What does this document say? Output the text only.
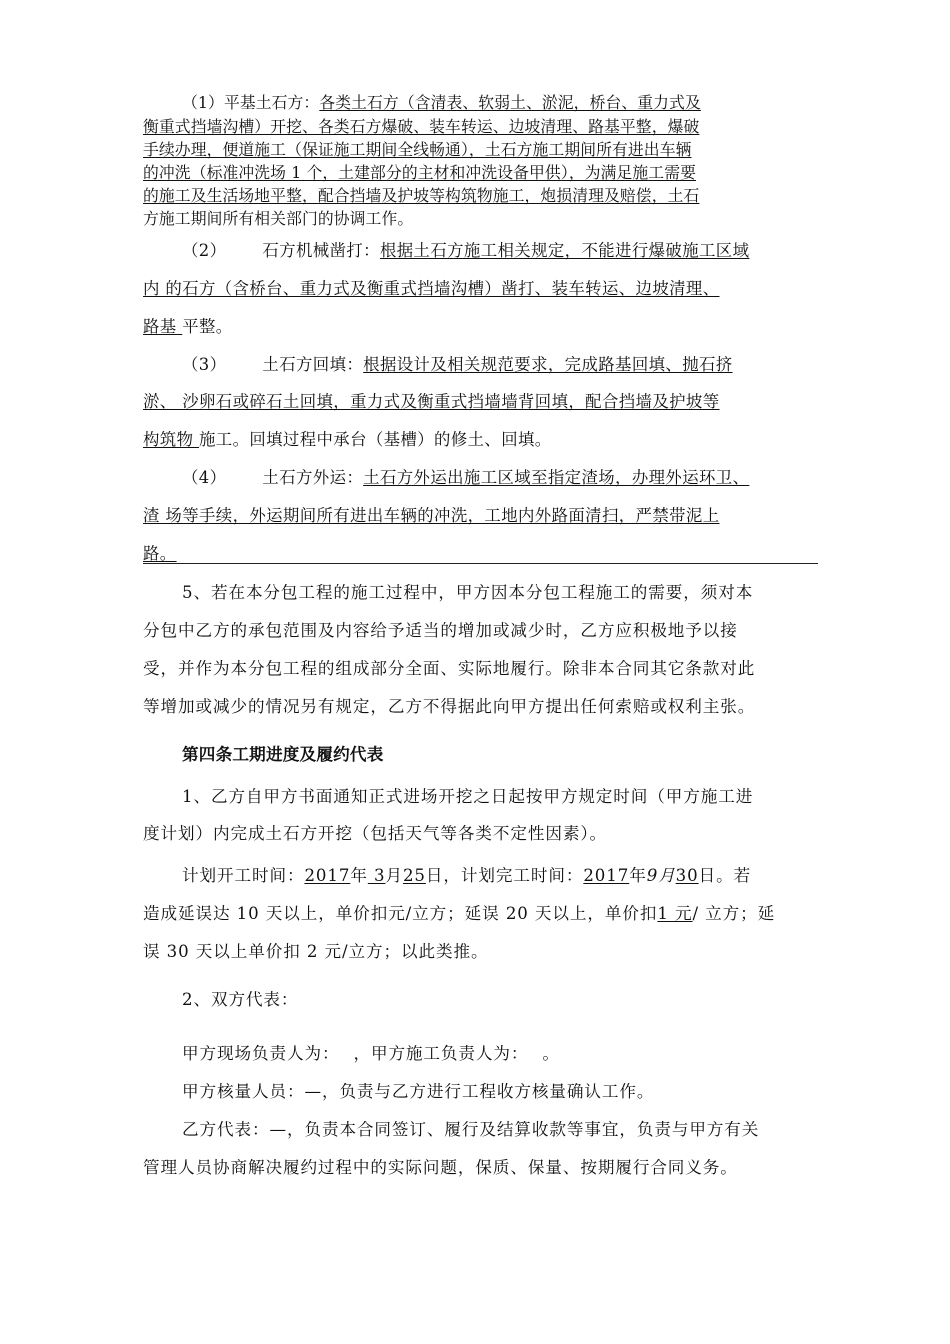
（1）平基土石方：各类土石方（含清表、软弱土、淤泥，桥台、重力式及
衡重式挡墙沟槽）开挖、各类石方爆破、装车转运、边坡清理、路基平整，爆破
手续办理，便道施工（保证施工期间全线畅通），土石方施工期间所有进出车辆
的冲洗（标准冲洗场 1 个，土建部分的主材和冲洗设备甲供），为满足施工需要
的施工及生活场地平整，配合挡墙及护坡等构筑物施工，炮损清理及赔偿，土石
方施工期间所有相关部门的协调工作。
（2） 石方机械凿打：根据土石方施工相关规定，不能进行爆破施工区域
内 的石方（含桥台、重力式及衡重式挡墙沟槽）凿打、装车转运、边坡清理、
路基 平整。
（3） 土石方回填：根据设计及相关规范要求，完成路基回填、抛石挤
淤、 沙卵石或碎石土回填，重力式及衡重式挡墙墙背回填，配合挡墙及护坡等
构筑物 施工。回填过程中承台（基槽）的修土、回填。
（4） 土石方外运：土石方外运出施工区域至指定渣场，办理外运环卫、
渣 场等手续，外运期间所有进出车辆的冲洗，工地内外路面清扫，严禁带泥上
路。
5、若在本分包工程的施工过程中，甲方因本分包工程施工的需要，须对本
分包中乙方的承包范围及内容给予适当的增加或减少时，乙方应积极地予以接
受，并作为本分包工程的组成部分全面、实际地履行。除非本合同其它条款对此
等增加或减少的情况另有规定，乙方不得据此向甲方提出任何索赔或权利主张。
第四条工期进度及履约代表
1、乙方自甲方书面通知正式进场开挖之日起按甲方规定时间（甲方施工进
度计划）内完成土石方开挖（包括天气等各类不定性因素）。
计划开工时间：2017年 3月25日，计划完工时间：2017年9月30日。若
造成延误达 10 天以上，单价扣元/立方；延误 20 天以上，单价扣1 元/ 立方；延
误 30 天以上单价扣 2 元/立方；以此类推。
2、双方代表：
甲方现场负责人为： ，甲方施工负责人为： 。
甲方核量人员：—，负责与乙方进行工程收方核量确认工作。
乙方代表：—，负责本合同签订、履行及结算收款等事宜，负责与甲方有关
管理人员协商解决履约过程中的实际问题，保质、保量、按期履行合同义务。
